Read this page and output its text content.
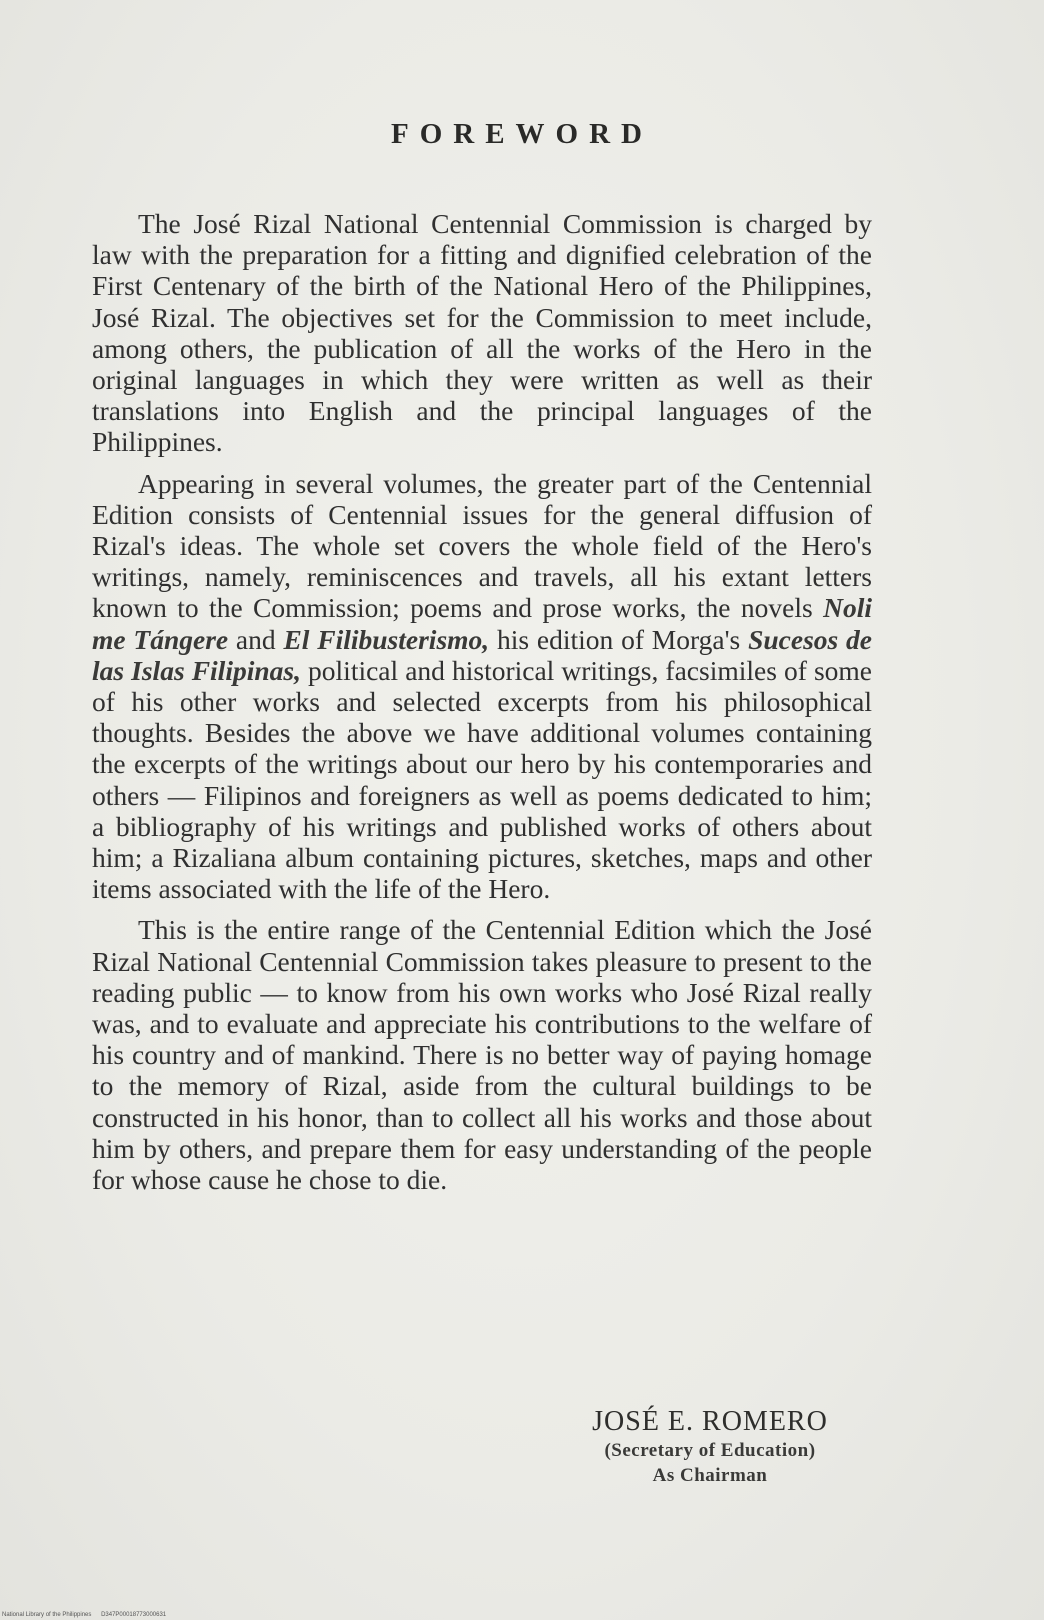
FOREWORD

The José Rizal National Centennial Commission is charged by law with the preparation for a fitting and dignified celebration of the First Centenary of the birth of the National Hero of the Philippines, José Rizal. The objectives set for the Commission to meet include, among others, the publication of all the works of the Hero in the original languages in which they were written as well as their translations into English and the principal languages of the Philippines.

Appearing in several volumes, the greater part of the Centennial Edition consists of Centennial issues for the general diffusion of Rizal's ideas. The whole set covers the whole field of the Hero's writings, namely, reminiscences and travels, all his extant letters known to the Commission; poems and prose works, the novels Noli me Tángere and El Filibusterismo, his edition of Morga's Sucesos de las Islas Filipinas, political and historical writings, facsimiles of some of his other works and selected excerpts from his philosophical thoughts. Besides the above we have additional volumes containing the excerpts of the writings about our hero by his contemporaries and others — Filipinos and foreigners as well as poems dedicated to him; a bibliography of his writings and published works of others about him; a Rizaliana album containing pictures, sketches, maps and other items associated with the life of the Hero.

This is the entire range of the Centennial Edition which the José Rizal National Centennial Commission takes pleasure to present to the reading public — to know from his own works who José Rizal really was, and to evaluate and appreciate his contributions to the welfare of his country and of mankind. There is no better way of paying homage to the memory of Rizal, aside from the cultural buildings to be constructed in his honor, than to collect all his works and those about him by others, and prepare them for easy understanding of the people for whose cause he chose to die.

JOSÉ E. ROMERO
(Secretary of Education)
As Chairman
National Library of the Philippines D347P00018773000631
